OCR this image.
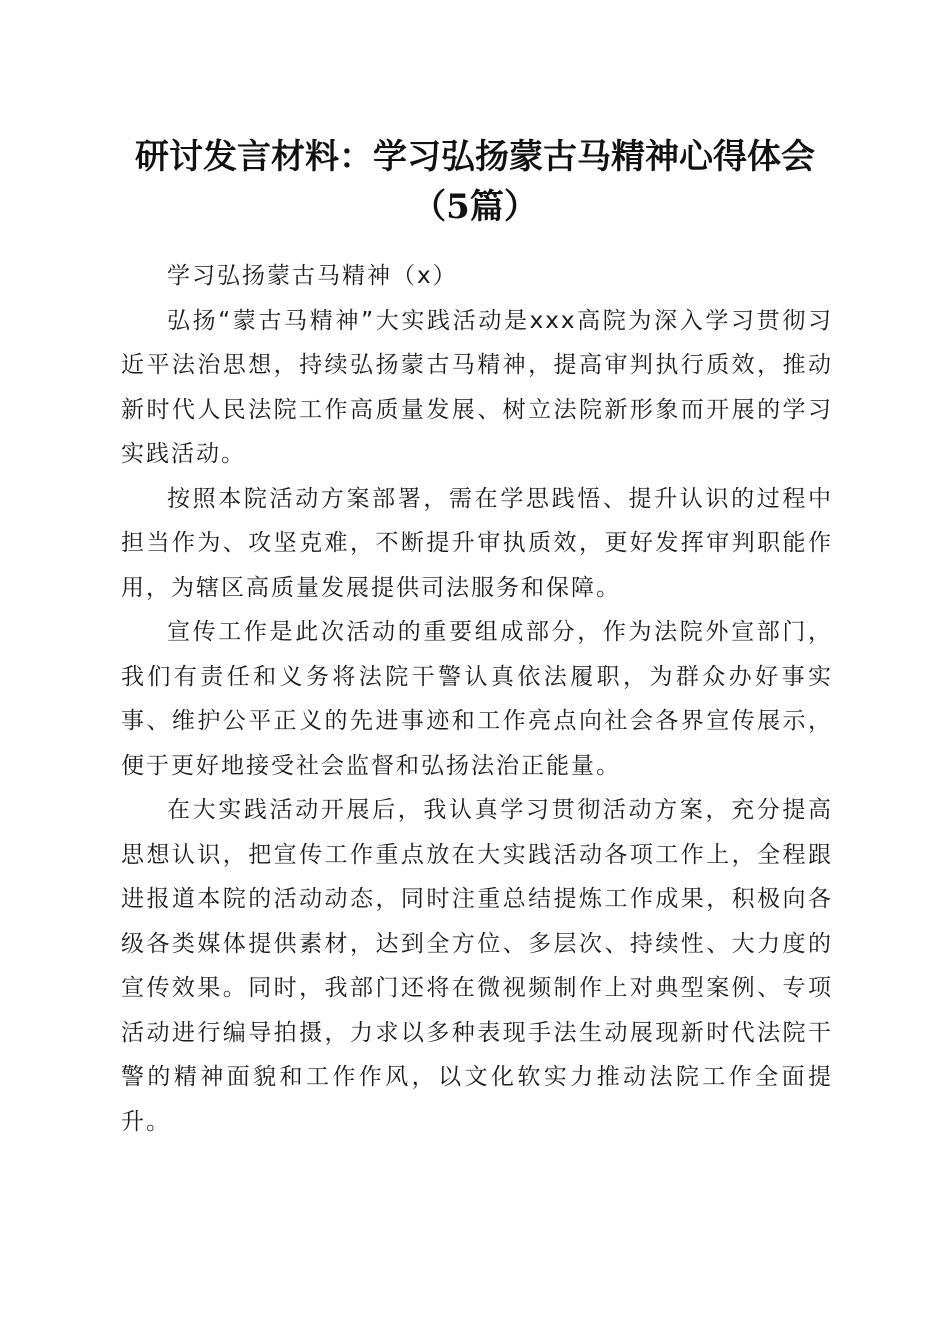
研讨发言材料：学习弘扬蒙古马精神心得体会
（5篇）

学习弘扬蒙古马精神（x）

弘扬“蒙古马精神”大实践活动是xxx高院为深入学习贯彻习近平法治思想，持续弘扬蒙古马精神，提高审判执行质效，推动新时代人民法院工作高质量发展、树立法院新形象而开展的学习实践活动。

按照本院活动方案部署，需在学思践悟、提升认识的过程中担当作为、攻坚克难，不断提升审执质效，更好发挥审判职能作用，为辖区高质量发展提供司法服务和保障。

宣传工作是此次活动的重要组成部分，作为法院外宣部门，我们有责任和义务将法院干警认真依法履职，为群众办好事实事、维护公平正义的先进事迹和工作亮点向社会各界宣传展示，便于更好地接受社会监督和弘扬法治正能量。

在大实践活动开展后，我认真学习贯彻活动方案，充分提高思想认识，把宣传工作重点放在大实践活动各项工作上，全程跟进报道本院的活动动态，同时注重总结提炼工作成果，积极向各级各类媒体提供素材，达到全方位、多层次、持续性、大力度的宣传效果。同时，我部门还将在微视频制作上对典型案例、专项活动进行编导拍摄，力求以多种表现手法生动展现新时代法院干警的精神面貌和工作作风，以文化软实力推动法院工作全面提升。
